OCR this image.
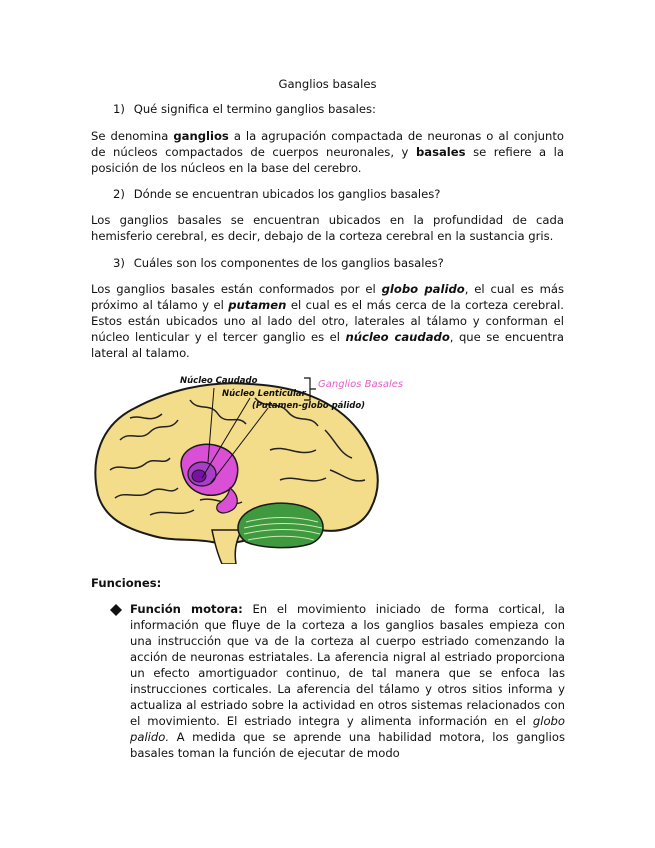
Ganglios basales
1) Qué significa el termino ganglios basales:
Se denomina ganglios a la agrupación compactada de neuronas o al conjunto de núcleos compactados de cuerpos neuronales, y basales se refiere a la posición de los núcleos en la base del cerebro.
2) Dónde se encuentran ubicados los ganglios basales?
Los ganglios basales se encuentran ubicados en la profundidad de cada hemisferio cerebral, es decir, debajo de la corteza cerebral en la sustancia gris.
3) Cuáles son los componentes de los ganglios basales?
Los ganglios basales están conformados por el globo palido, el cual es más próximo al tálamo y el putamen el cual es el más cerca de la corteza cerebral. Estos están ubicados uno al lado del otro, laterales al tálamo y conforman el núcleo lenticular y el tercer ganglio es el núcleo caudado, que se encuentra lateral al talamo.
Núcleo Caudado
Núcleo Lenticular
(Putamen-globo pálido)
Ganglios Basales
Funciones:
Función motora: En el movimiento iniciado de forma cortical, la información que fluye de la corteza a los ganglios basales empieza con una instrucción que va de la corteza al cuerpo estriado comenzando la acción de neuronas estriatales. La aferencia nigral al estriado proporciona un efecto amortiguador continuo, de tal manera que se enfoca las instrucciones corticales. La aferencia del tálamo y otros sitios informa y actualiza al estriado sobre la actividad en otros sistemas relacionados con el movimiento. El estriado integra y alimenta información en el globo palido. A medida que se aprende una habilidad motora, los ganglios basales toman la función de ejecutar de modo
